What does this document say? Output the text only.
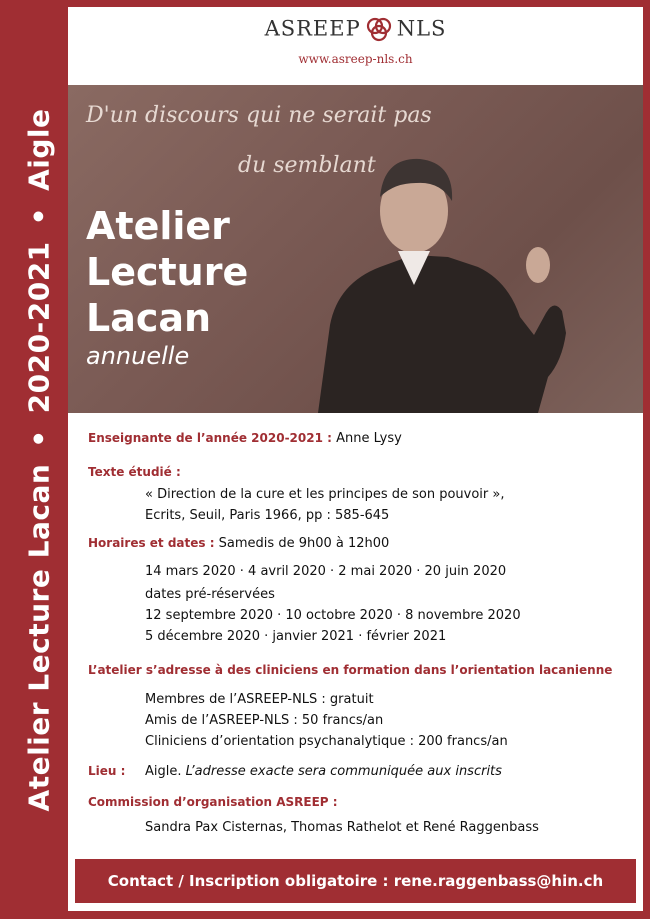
Atelier Lecture Lacan•2020-2021•Aigle
ASREEP NLS
www.asreep-nls.ch
D'un discours qui ne serait pas
du semblant
Atelier
Lecture
Lacan
annuelle
Enseignante de l’année 2020-2021 : Anne Lysy
Texte étudié :
« Direction de la cure et les principes de son pouvoir »,
Ecrits, Seuil, Paris 1966, pp : 585-645
Horaires et dates : Samedis de 9h00 à 12h00
14 mars 2020 · 4 avril 2020 · 2 mai 2020 · 20 juin 2020
dates pré-réservées
12 septembre 2020 · 10 octobre 2020 · 8 novembre 2020
5 décembre 2020 · janvier 2021 · février 2021
L’atelier s’adresse à des cliniciens en formation dans l’orientation lacanienne
Membres de l’ASREEP-NLS : gratuit
Amis de l’ASREEP-NLS : 50 francs/an
Cliniciens d’orientation psychanalytique : 200 francs/an
Lieu : Aigle. L’adresse exacte sera communiquée aux inscrits
Commission d’organisation ASREEP :
Sandra Pax Cisternas, Thomas Rathelot et René Raggenbass
Contact / Inscription obligatoire : rene.raggenbass@hin.ch
